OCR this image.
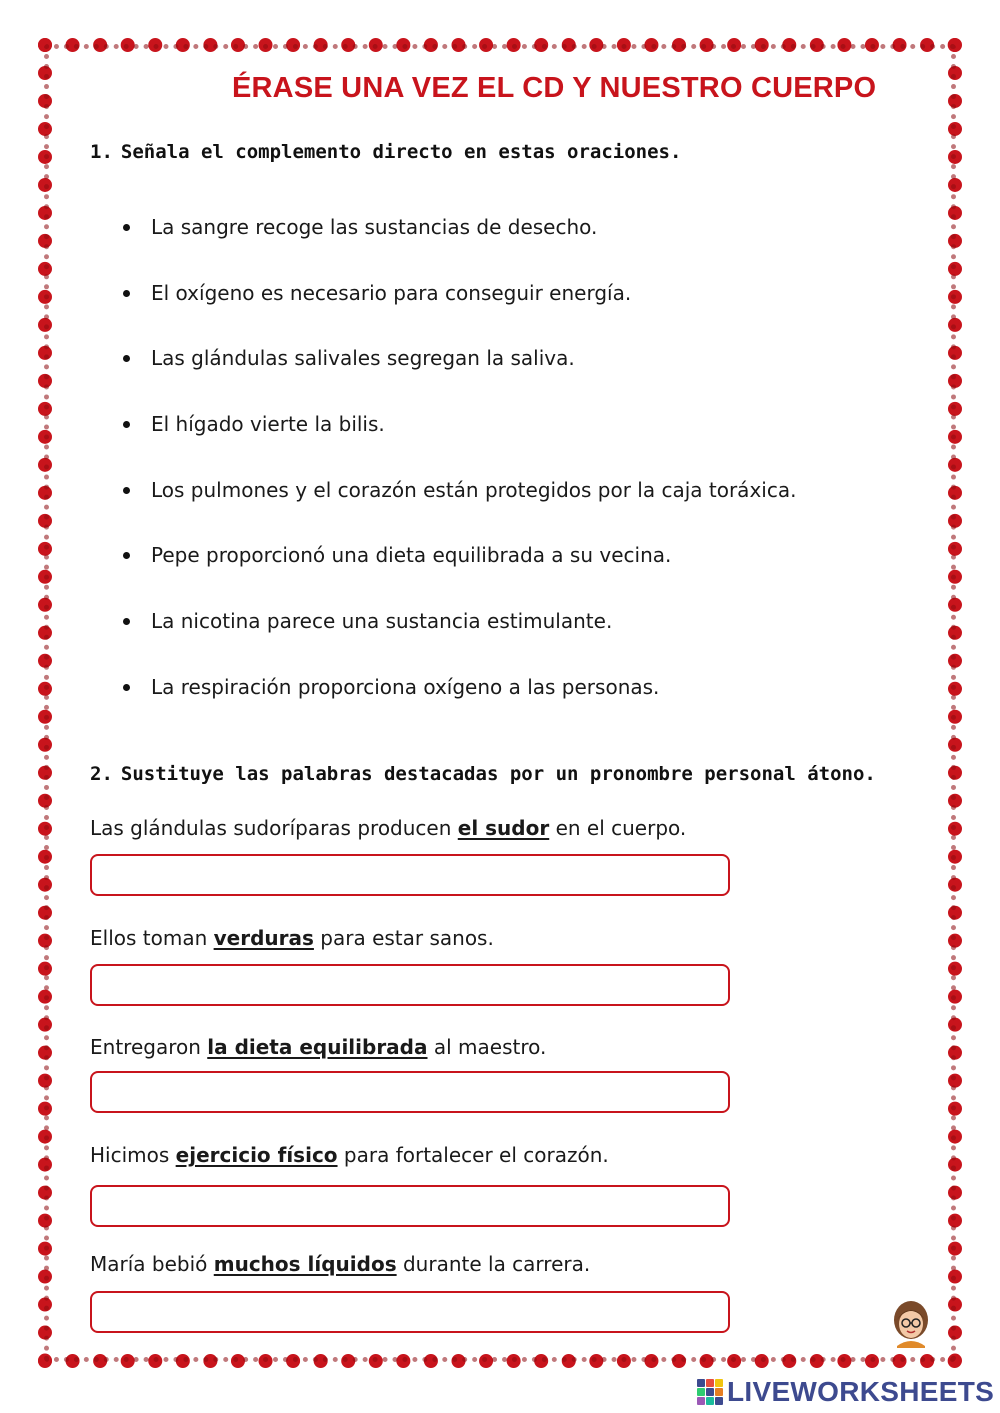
ÉRASE UNA VEZ EL CD Y NUESTRO CUERPO
1. Señala el complemento directo en estas oraciones.
La sangre recoge las sustancias de desecho.
El oxígeno es necesario para conseguir energía.
Las glándulas salivales segregan la saliva.
El hígado vierte la bilis.
Los pulmones y el corazón están protegidos por la caja toráxica.
Pepe proporcionó una dieta equilibrada a su vecina.
La nicotina parece una sustancia estimulante.
La respiración proporciona oxígeno a las personas.
2. Sustituye las palabras destacadas por un pronombre personal átono.
Las glándulas sudoríparas producen el sudor en el cuerpo.
Ellos toman verduras para estar sanos.
Entregaron la dieta equilibrada al maestro.
Hicimos ejercicio físico para fortalecer el corazón.
María bebió muchos líquidos durante la carrera.
LIVEWORKSHEETS
